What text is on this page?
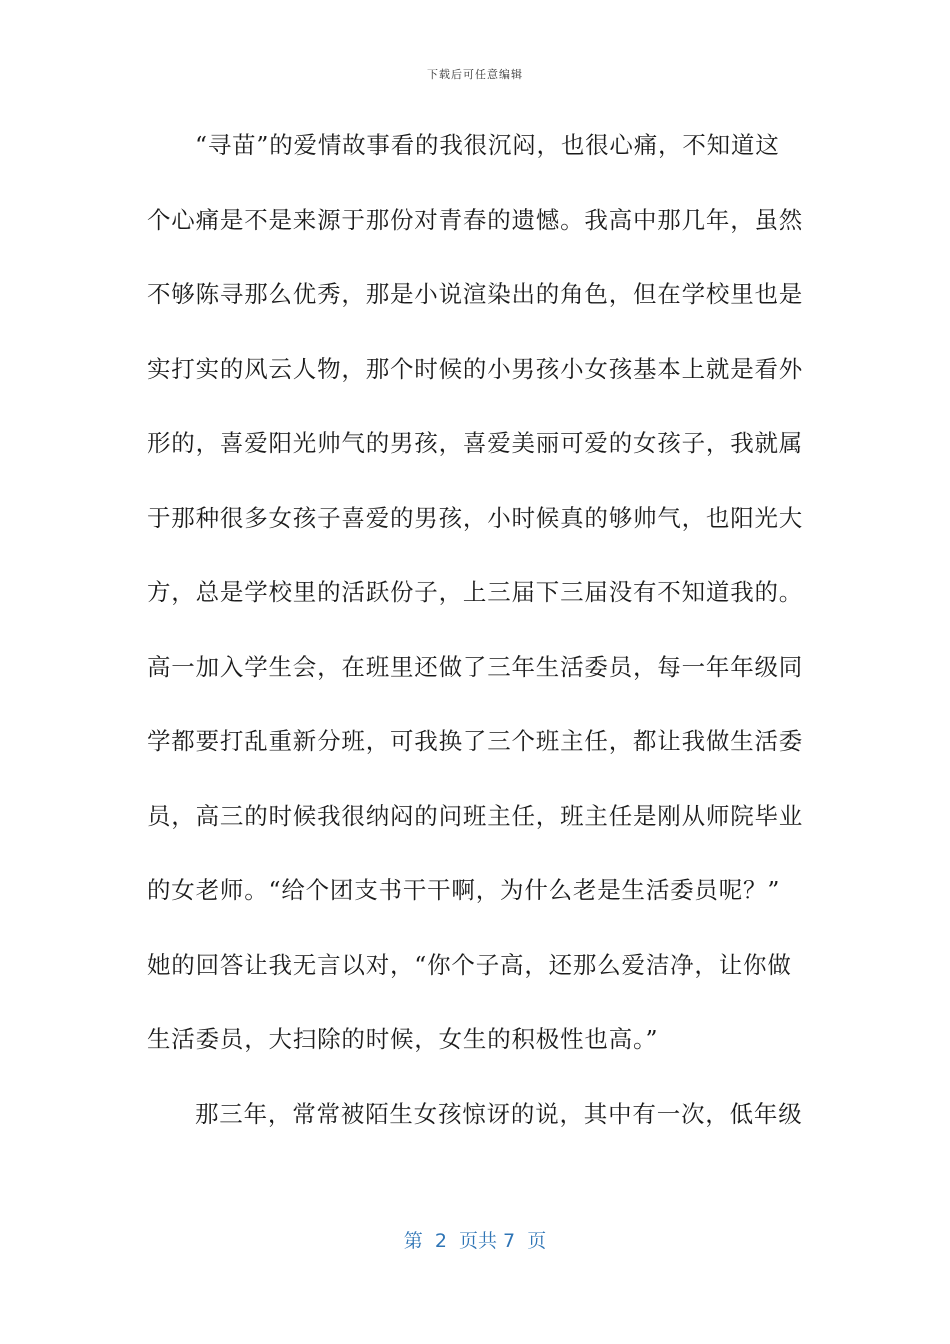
下载后可任意编辑
“寻苗”的爱情故事看的我很沉闷，也很心痛，不知道这
个心痛是不是来源于那份对青春的遗憾。我高中那几年，虽然
不够陈寻那么优秀，那是小说渲染出的角色，但在学校里也是
实打实的风云人物，那个时候的小男孩小女孩基本上就是看外
形的，喜爱阳光帅气的男孩，喜爱美丽可爱的女孩子，我就属
于那种很多女孩子喜爱的男孩，小时候真的够帅气，也阳光大
方，总是学校里的活跃份子，上三届下三届没有不知道我的。
高一加入学生会，在班里还做了三年生活委员，每一年年级同
学都要打乱重新分班，可我换了三个班主任，都让我做生活委
员，高三的时候我很纳闷的问班主任，班主任是刚从师院毕业
的女老师。“给个团支书干干啊，为什么老是生活委员呢？”
她的回答让我无言以对，“你个子高，还那么爱洁净，让你做
生活委员，大扫除的时候，女生的积极性也高。”
那三年，常常被陌生女孩惊讶的说，其中有一次，低年级
第  2  页共 7  页
